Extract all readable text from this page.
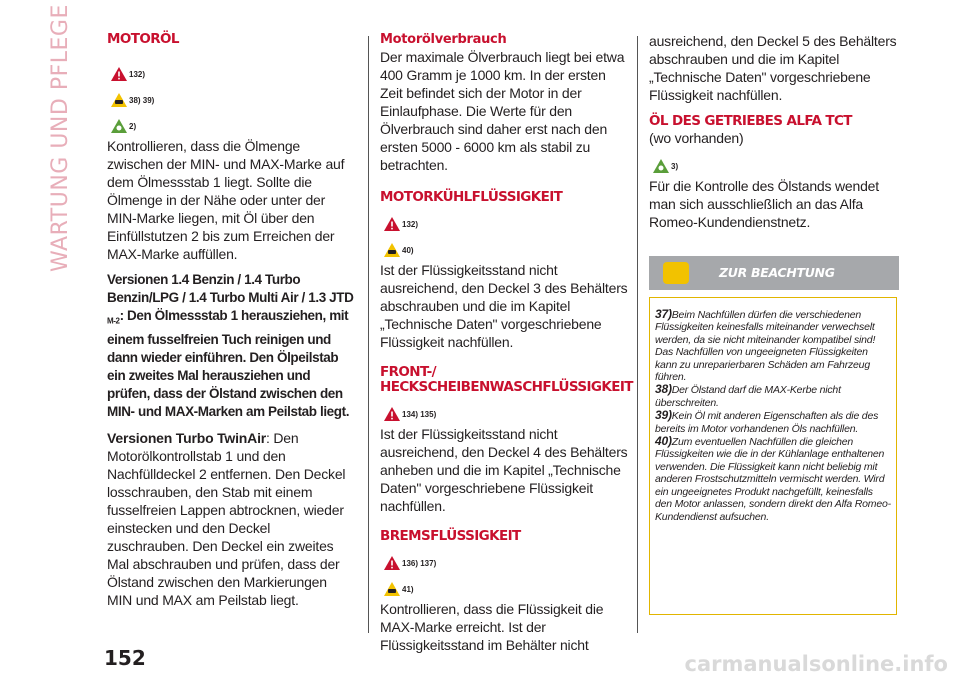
WARTUNG UND PFLEGE	MOTORÖL
132)
38) 39)
2)

Kontrollieren, dass die Ölmenge zwischen der MIN- und MAX-Marke auf dem Ölmessstab 1 liegt. Sollte die Ölmenge in der Nähe oder unter der MIN-Marke liegen, mit Öl über den Einfüllstutzen 2 bis zum Erreichen der MAX-Marke auffüllen.

Versionen 1.4 Benzin / 1.4 Turbo Benzin/LPG / 1.4 Turbo Multi Air / 1.3 JTD $_{M-2}$: Den Ölmessstab 1 herausziehen, mit einem fusselfreien Tuch reinigen und dann wieder einführen. Den Ölpeilstab ein zweites Mal herausziehen und prüfen, dass der Ölstand zwischen den MIN- und MAX-Marken am Peilstab liegt.

Versionen Turbo TwinAir: Den Motorölkontrollstab 1 und den Nachfülldeckel 2 entfernen. Den Deckel losschrauben, den Stab mit einem fusselfreien Lappen abtrocknen, wieder einstecken und den Deckel zuschrauben. Den Deckel ein zweites Mal abschrauben und prüfen, dass der Ölstand zwischen den Markierungen MIN und MAX am Peilstab liegt.

Motorölverbrauch

Der maximale Ölverbrauch liegt bei etwa 400 Gramm je 1000 km. In der ersten Zeit befindet sich der Motor in der Einlaufphase. Die Werte für den Ölverbrauch sind daher erst nach den ersten 5000 - 6000 km als stabil zu betrachten.

MOTORKÜHLFLÜSSIGKEIT
132)
40)

Ist der Flüssigkeitsstand nicht ausreichend, den Deckel 3 des Behälters abschrauben und die im Kapitel „Technische Daten" vorgeschriebene Flüssigkeit nachfüllen.

FRONT-/
HECKSCHEIBENWASCHFLÜSSIGKEIT
134) 135)

Ist der Flüssigkeitsstand nicht ausreichend, den Deckel 4 des Behälters anheben und die im Kapitel „Technische Daten" vorgeschriebene Flüssigkeit nachfüllen.

BREMSFLÜSSIGKEIT
136) 137)
41)

Kontrollieren, dass die Flüssigkeit die MAX-Marke erreicht. Ist der Flüssigkeitsstand im Behälter nicht

ausreichend, den Deckel 5 des Behälters abschrauben und die im Kapitel „Technische Daten" vorgeschriebene Flüssigkeit nachfüllen.

ÖL DES GETRIEBES ALFA TCT

(wo vorhanden)

3)

Für die Kontrolle des Ölstands wendet man sich ausschließlich an das Alfa Romeo-Kundendienstnetz.

ZUR BEACHTUNG

37)Beim Nachfüllen dürfen die verschiedenen Flüssigkeiten keinesfalls miteinander verwechselt werden, da sie nicht miteinander kompatibel sind! Das Nachfüllen von ungeeigneten Flüssigkeiten kann zu unreparierbaren Schäden am Fahrzeug führen.

38)Der Ölstand darf die MAX-Kerbe nicht überschreiten.

39)Kein Öl mit anderen Eigenschaften als die des bereits im Motor vorhandenen Öls nachfüllen.

40)Zum eventuellen Nachfüllen die gleichen Flüssigkeiten wie die in der Kühlanlage enthaltenen verwenden. Die Flüssigkeit kann nicht beliebig mit anderen Frostschutzmitteln vermischt werden. Wird ein ungeeignetes Produkt nachgefüllt, keinesfalls den Motor anlassen, sondern direkt den Alfa Romeo-Kundendienst aufsuchen.

152	carmanualsonline.info
